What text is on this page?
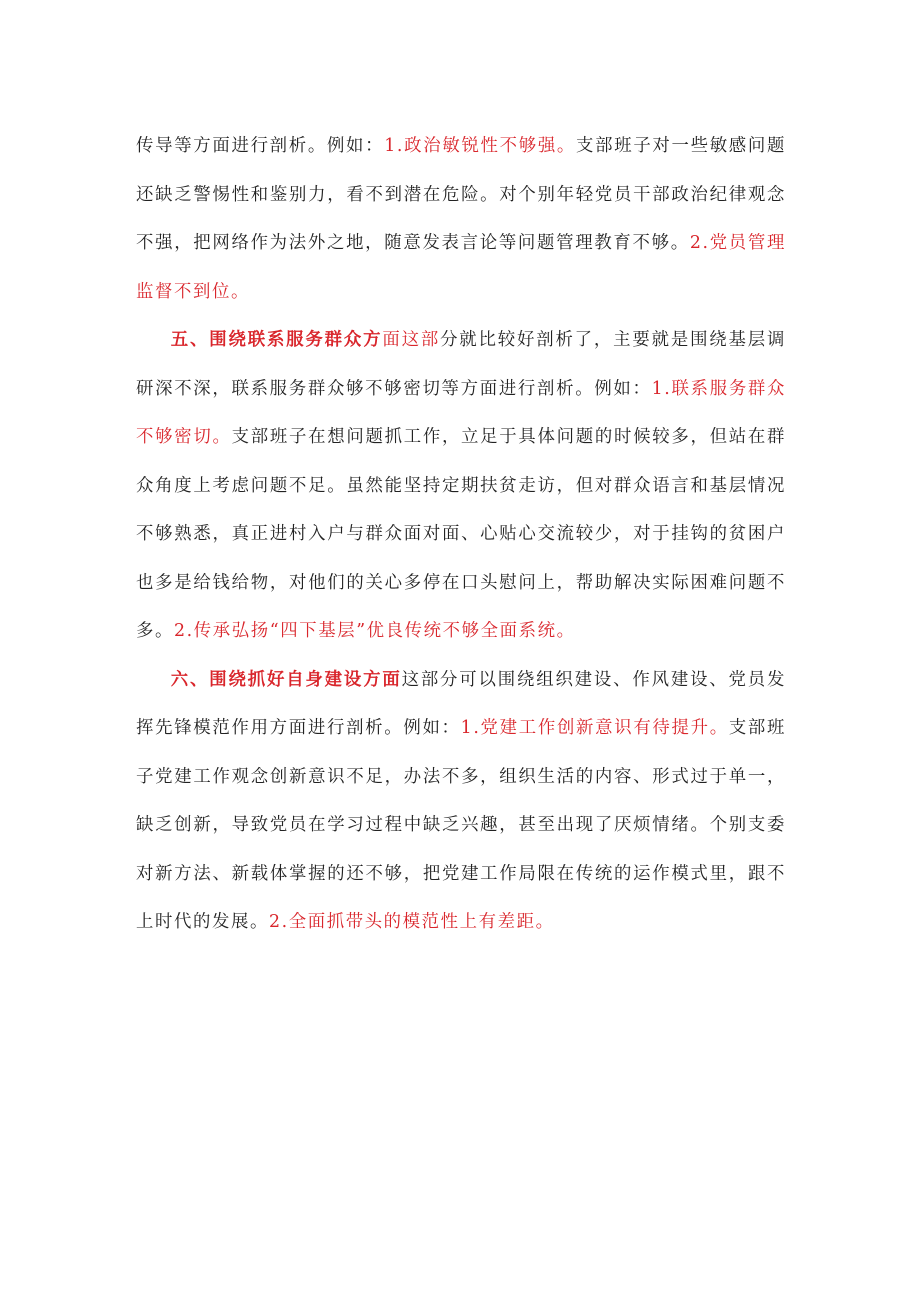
传导等方面进行剖析。例如：1.政治敏锐性不够强。支部班子对一些敏感问题还缺乏警惕性和鉴别力，看不到潜在危险。对个别年轻党员干部政治纪律观念不强，把网络作为法外之地，随意发表言论等问题管理教育不够。2.党员管理监督不到位。

五、围绕联系服务群众方面这部分就比较好剖析了，主要就是围绕基层调研深不深，联系服务群众够不够密切等方面进行剖析。例如：1.联系服务群众不够密切。支部班子在想问题抓工作，立足于具体问题的时候较多，但站在群众角度上考虑问题不足。虽然能坚持定期扶贫走访，但对群众语言和基层情况不够熟悉，真正进村入户与群众面对面、心贴心交流较少，对于挂钩的贫困户也多是给钱给物，对他们的关心多停在口头慰问上，帮助解决实际困难问题不多。2.传承弘扬“四下基层”优良传统不够全面系统。

六、围绕抓好自身建设方面这部分可以围绕组织建设、作风建设、党员发挥先锋模范作用方面进行剖析。例如：1.党建工作创新意识有待提升。支部班子党建工作观念创新意识不足，办法不多，组织生活的内容、形式过于单一，缺乏创新，导致党员在学习过程中缺乏兴趣，甚至出现了厌烦情绪。个别支委对新方法、新载体掌握的还不够，把党建工作局限在传统的运作模式里，跟不上时代的发展。2.全面抓带头的模范性上有差距。
